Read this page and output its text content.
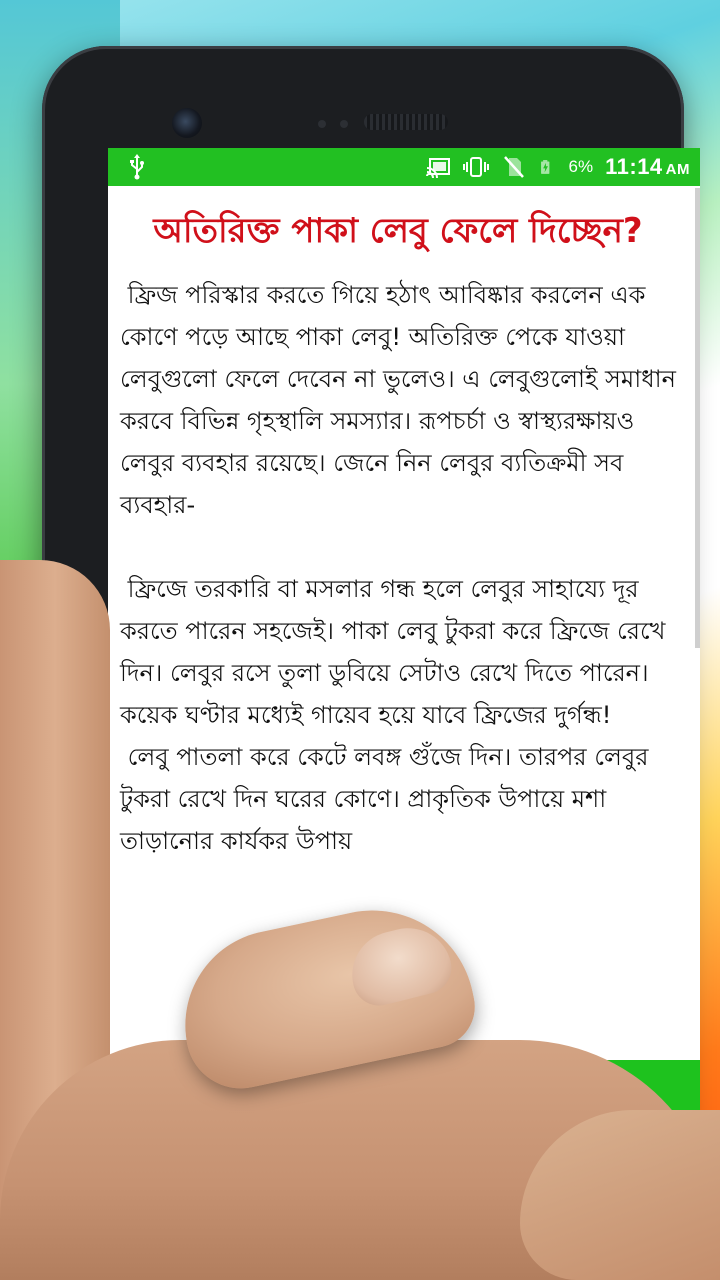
6% 11:14 AM
অতিরিক্ত পাকা লেবু ফেলে দিচ্ছেন?
ফ্রিজ পরিস্কার করতে গিয়ে হঠাৎ আবিষ্কার করলেন এক কোণে পড়ে আছে পাকা লেবু! অতিরিক্ত পেকে যাওয়া লেবুগুলো ফেলে দেবেন না ভুলেও। এ লেবুগুলোই সমাধান করবে বিভিন্ন গৃহস্থালি সমস্যার। রূপচর্চা ও স্বাস্থ্যরক্ষায়ও লেবুর ব্যবহার রয়েছে। জেনে নিন লেবুর ব্যতিক্রমী সব ব্যবহার-
ফ্রিজে তরকারি বা মসলার গন্ধ হলে লেবুর সাহায্যে দূর করতে পারেন সহজেই। পাকা লেবু টুকরা করে ফ্রিজে রেখে দিন। লেবুর রসে তুলা ডুবিয়ে সেটাও রেখে দিতে পারেন। কয়েক ঘণ্টার মধ্যেই গায়েব হয়ে যাবে ফ্রিজের দুর্গন্ধ!
লেবু পাতলা করে কেটে লবঙ্গ গুঁজে দিন। তারপর লেবুর টুকরা রেখে দিন ঘরের কোণে। প্রাকৃতিক উপায়ে মশা তাড়ানোর কার্যকর উপায়
